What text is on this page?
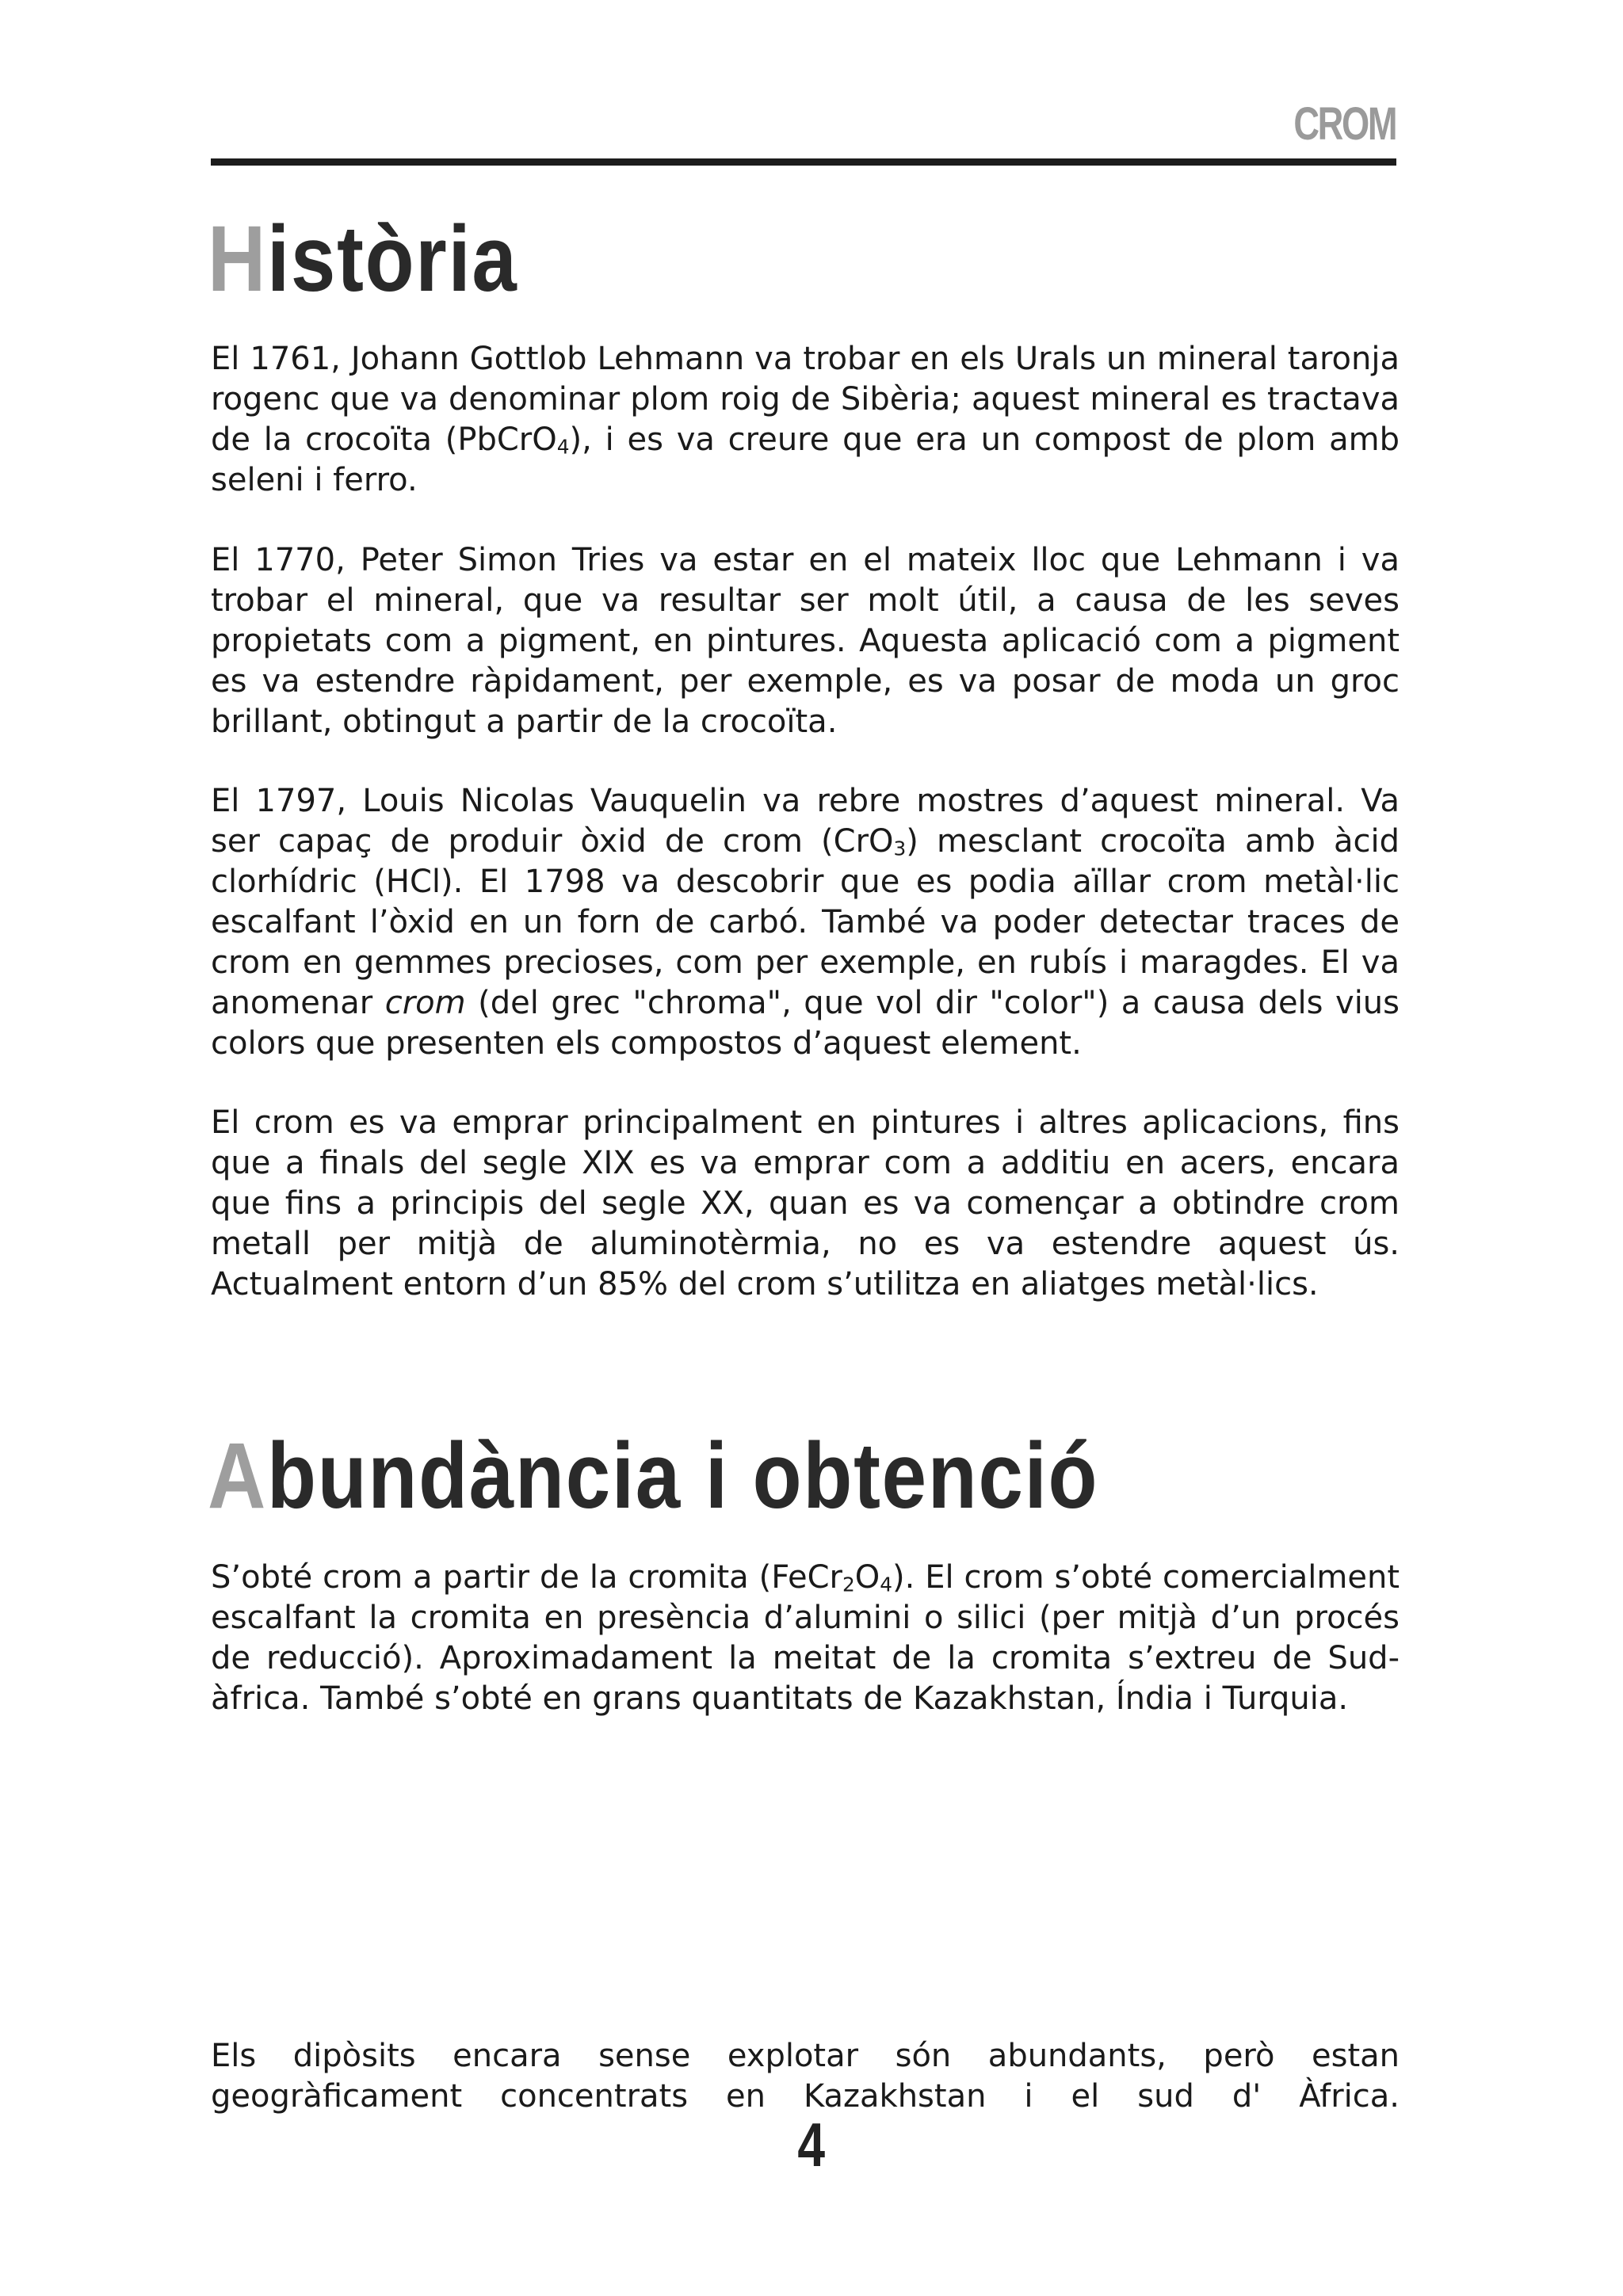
CROM
Història

El 1761, Johann Gottlob Lehmann va trobar en els Urals un mineral taronja rogenc que va denominar plom roig de Sibèria; aquest mineral es tractava de la crocoïta (PbCrO$_4$), i es va creure que era un compost de plom amb seleni i ferro.

El 1770, Peter Simon Tries va estar en el mateix lloc que Lehmann i va trobar el mineral, que va resultar ser molt útil, a causa de les seves propietats com a pigment, en pintures. Aquesta aplicació com a pigment es va estendre ràpidament, per exemple, es va posar de moda un groc brillant, obtingut a partir de la crocoïta.

El 1797, Louis Nicolas Vauquelin va rebre mostres d’aquest mineral. Va ser capaç de produir òxid de crom (CrO$_3$) mesclant crocoïta amb àcid clorhídric (HCl). El 1798 va descobrir que es podia aïllar crom metàl·lic escalfant l’òxid en un forn de carbó. També va poder detectar traces de crom en gemmes precioses, com per exemple, en rubís i maragdes. El va anomenar crom (del grec "chroma", que vol dir "color") a causa dels vius colors que presenten els compostos d’aquest element.

El crom es va emprar principalment en pintures i altres aplicacions, fins que a finals del segle XIX es va emprar com a additiu en acers, encara que fins a principis del segle XX, quan es va començar a obtindre crom metall per mitjà de aluminotèrmia, no es va estendre aquest ús. Actualment entorn d’un 85% del crom s’utilitza en aliatges metàl·lics.

Abundància i obtenció

S’obté crom a partir de la cromita $(FeCr_2O_4)$. El crom s’obté comercialment escalfant la cromita en presència d’alumini o silici (per mitjà d’un procés de reducció). Aproximadament la meitat de la cromita s’extreu de Sud-àfrica. També s’obté en grans quantitats de Kazakhstan, Índia i Turquia.

Els dipòsits encara sense explotar són abundants, però estan geogràficament concentrats en Kazakhstan i el sud d' Àfrica.

4
